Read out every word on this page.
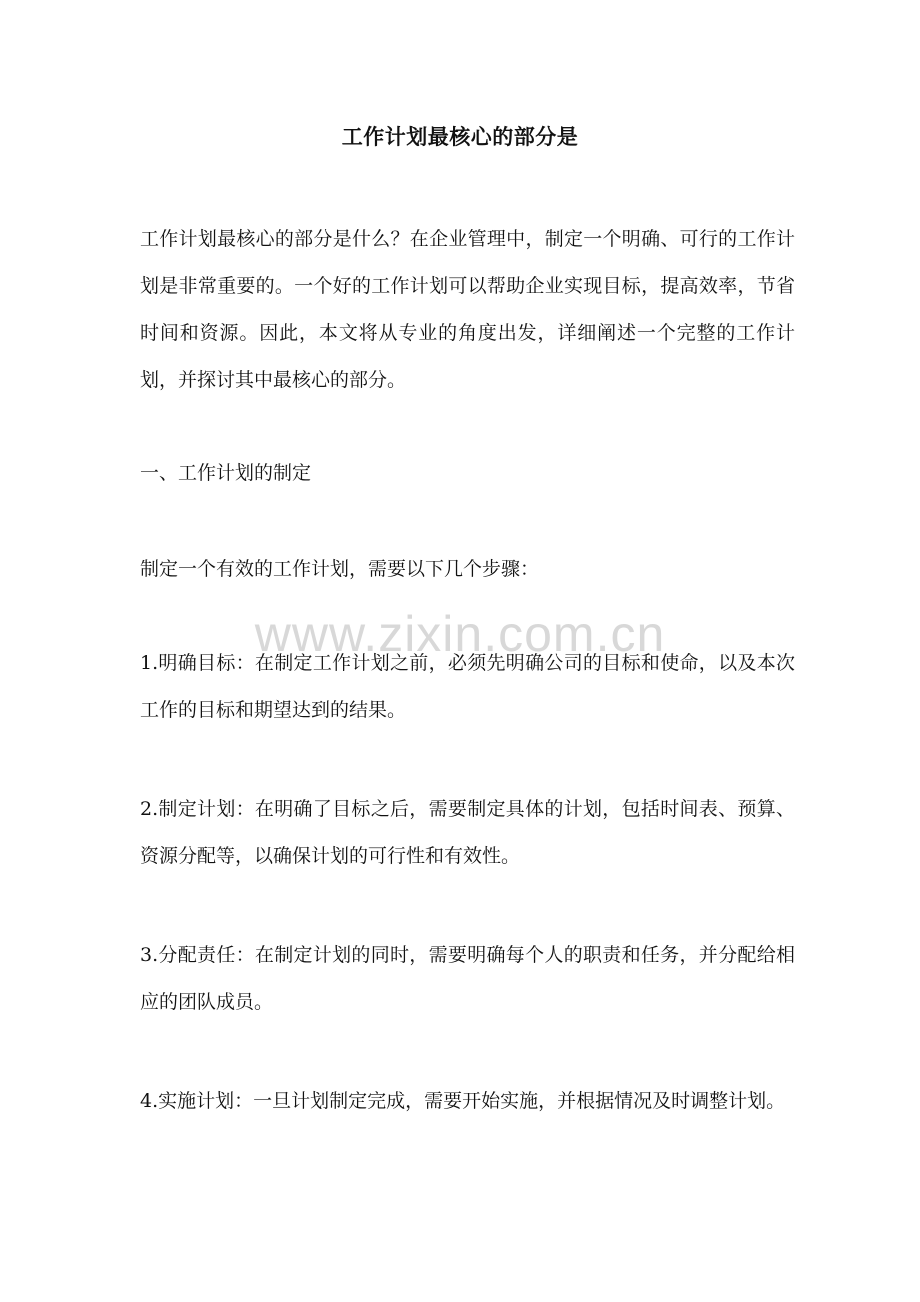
www.zixin.com.cn
工作计划最核心的部分是

工作计划最核心的部分是什么？在企业管理中，制定一个明确、可行的工作计划是非常重要的。一个好的工作计划可以帮助企业实现目标，提高效率，节省时间和资源。因此，本文将从专业的角度出发，详细阐述一个完整的工作计划，并探讨其中最核心的部分。

一、工作计划的制定

制定一个有效的工作计划，需要以下几个步骤：

1.明确目标：在制定工作计划之前，必须先明确公司的目标和使命，以及本次工作的目标和期望达到的结果。

2.制定计划：在明确了目标之后，需要制定具体的计划，包括时间表、预算、资源分配等，以确保计划的可行性和有效性。

3.分配责任：在制定计划的同时，需要明确每个人的职责和任务，并分配给相应的团队成员。

4.实施计划：一旦计划制定完成，需要开始实施，并根据情况及时调整计划。
